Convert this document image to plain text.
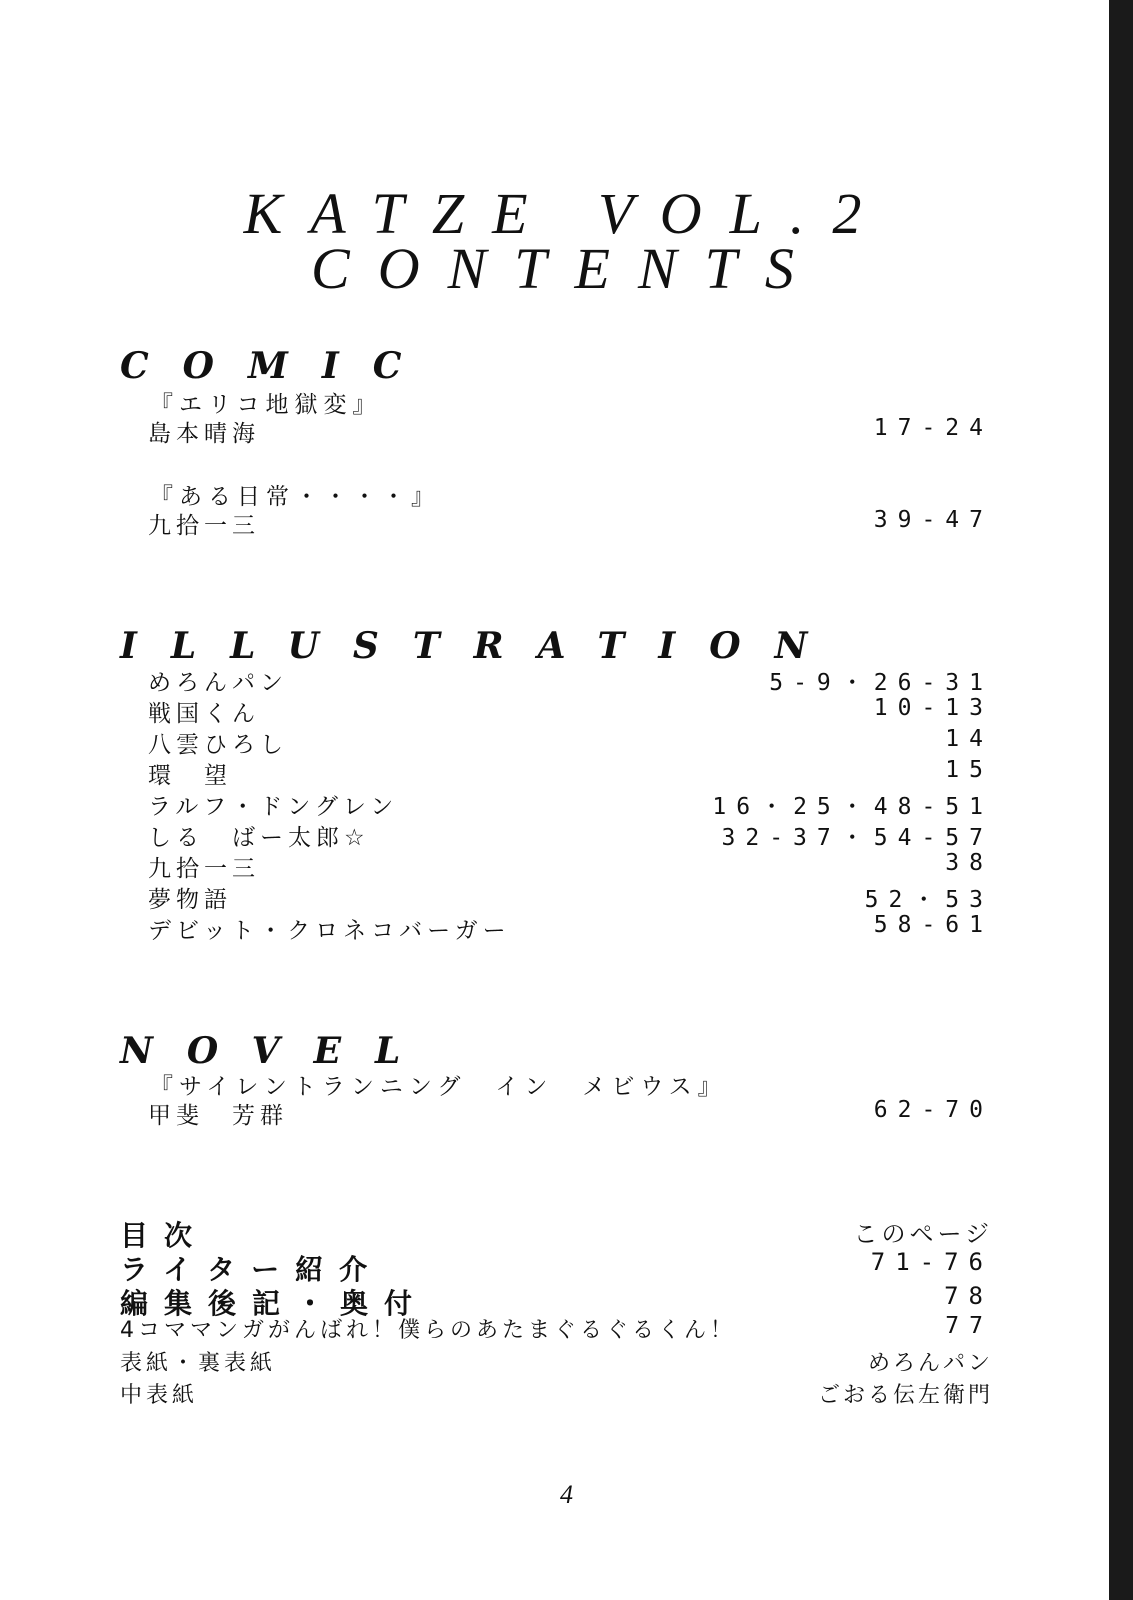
KATZE VOL.2
CONTENTS
COMIC
『エリコ地獄変』
島本晴海	17-24
『ある日常・・・・』
九拾一三	39-47
ILLUSTRATION
めろんパン	5-9・26-31
戦国くん	10-13
八雲ひろし	14
環　望	15
ラルフ・ドングレン	16・25・48-51
しる　ばー太郎☆	32-37・54-57
九拾一三	38
夢物語	52・53
デビット・クロネコバーガー	58-61
NOVEL
『サイレントランニング　イン　メビウス』
甲斐　芳群	62-70
目次	このページ
ライター紹介	71-76
編集後記・奥付	78
4コママンガがんばれ！僕らのあたまぐるぐるくん！	77
表紙・裏表紙	めろんパン
中表紙	ごおる伝左衛門
4
